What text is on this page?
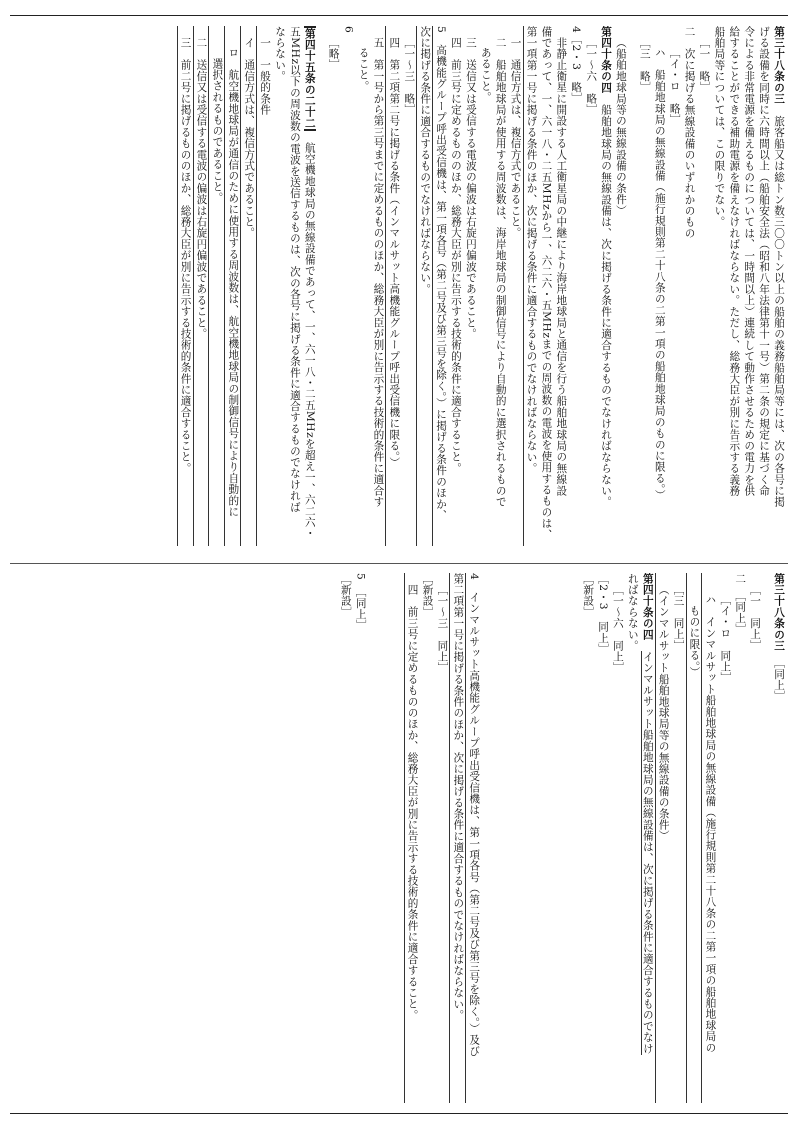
第三十八条の三　旅客船又は総トン数三〇〇トン以上の船舶の義務船舶局等には、次の各号に掲
げる設備を同時に六時間以上（船舶安全法（昭和八年法律第十一号）第二条の規定に基づく命
令による非常電源を備えるものについては、一時間以上）連続して動作させるための電力を供
給することができる補助電源を備えなければならない。ただし、総務大臣が別に告示する義務
船舶局等については、この限りでない。
［一　略］
二　次に掲げる無線設備のいずれかのもの
［イ・ロ　略］
ハ　船舶地球局の無線設備（施行規則第二十八条の二第一項の船舶地球局のものに限る。）
［三　略］
（船舶地球局等の無線設備の条件）
第四十条の四　船舶地球局の無線設備は、次に掲げる条件に適合するものでなければならない。
［一～六　略］
4［2・3　略］
非静止衛星に開設する人工衛星局の中継により海岸地球局と通信を行う船舶地球局の無線設
備であって、一、六一八・二五MHzから一、六二六・五MHzまでの周波数の電波を使用するものは、
第一項第一号に掲げる条件のほか、次に掲げる条件に適合するものでなければならない。
一　通信方式は、複信方式であること。
二　船舶地球局が使用する周波数は、海岸地球局の制御信号により自動的に選択されるもので
あること。
三　送信又は受信する電波の偏波は右旋円偏波であること。
四　前三号に定めるもののほか、総務大臣が別に告示する技術的条件に適合すること。
5　高機能グループ呼出受信機は、第一項各号（第二号及び第三号を除く。）に掲げる条件のほか、
次に掲げる条件に適合するものでなければならない。
［一～三　略］
四　第二項第二号に掲げる条件（インマルサット高機能グループ呼出受信機に限る。）
五　第一号から第三号までに定めるもののほか、総務大臣が別に告示する技術的条件に適合す
ること。
6
［略］
第四十五条の二十二　航空機地球局の無線設備であって、一、六一八・二五MHzを超え一、六二六・
五MHz以下の周波数の電波を送信するものは、次の各号に掲げる条件に適合するものでなければ
ならない。
一　一般的条件
イ　通信方式は、複信方式であること。
ロ　航空機地球局が通信のために使用する周波数は、航空機地球局の制御信号により自動的に
選択されるものであること。
二　送信又は受信する電波の偏波は右旋円偏波であること。
三　前二号に掲げるもののほか、総務大臣が別に告示する技術的条件に適合すること。
第三十八条の三　［同上］
［一　同上］
二　［同上］
［イ・ロ　同上］
ハ　インマルサット船舶地球局の無線設備（施行規則第二十八条の二第一項の船舶地球局の
ものに限る。）
［三　同上］
（インマルサット船舶地球局等の無線設備の条件）
第四十条の四　インマルサット船舶地球局の無線設備は、次に掲げる条件に適合するものでなけ
ればならない。
［一～六　同上］
［2・3　同上］
［新設］
4　インマルサット高機能グループ呼出受信機は、第一項各号（第二号及び第三号を除く。）及び
第二項第一号に掲げる条件のほか、次に掲げる条件に適合するものでなければならない。
［一～三　同上］
［新設］
四　前三号に定めるもののほか、総務大臣が別に告示する技術的条件に適合すること。
5　［同上］
［新設］
